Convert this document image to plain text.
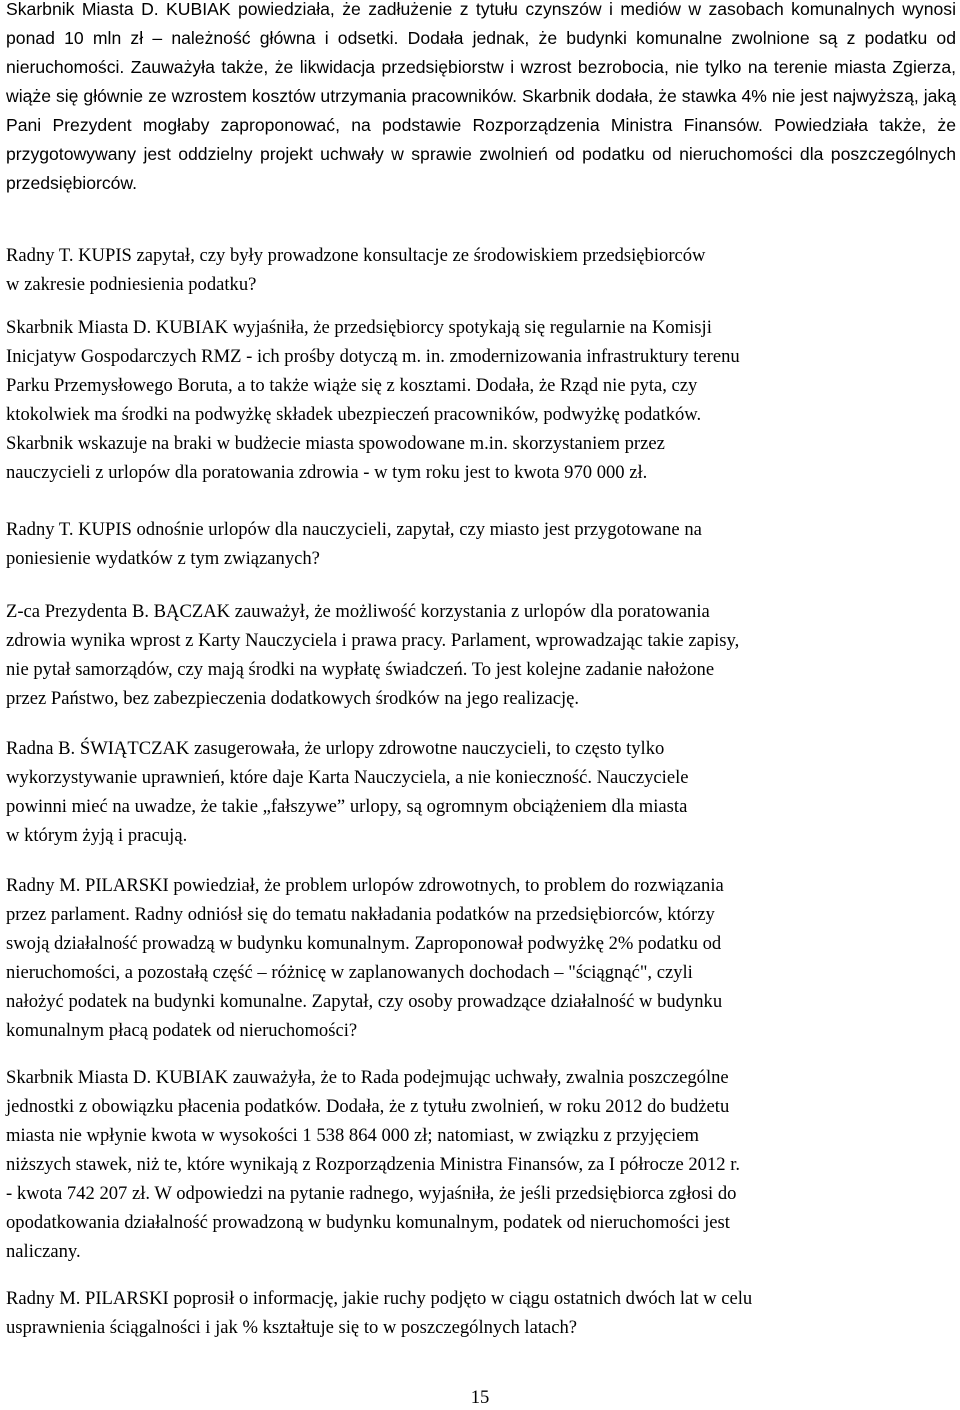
Skarbnik Miasta D. KUBIAK powiedziała, że zadłużenie z tytułu czynszów i mediów w zasobach komunalnych wynosi ponad 10 mln zł – należność główna i odsetki. Dodała jednak, że budynki komunalne zwolnione są z podatku od nieruchomości. Zauważyła także, że likwidacja przedsiębiorstw i wzrost bezrobocia, nie tylko na terenie miasta Zgierza, wiąże się głównie ze wzrostem kosztów utrzymania pracowników. Skarbnik dodała, że stawka 4% nie jest najwyższą, jaką Pani Prezydent mogłaby zaproponować, na podstawie Rozporządzenia Ministra Finansów. Powiedziała także, że przygotowywany jest oddzielny projekt uchwały w sprawie zwolnień od podatku od nieruchomości dla poszczególnych przedsiębiorców.

Radny T. KUPIS zapytał, czy były prowadzone konsultacje ze środowiskiem przedsiębiorców
w zakresie podniesienia podatku?

Skarbnik Miasta D. KUBIAK wyjaśniła, że przedsiębiorcy spotykają się regularnie na Komisji
Inicjatyw Gospodarczych RMZ - ich prośby dotyczą m. in. zmodernizowania infrastruktury terenu
Parku Przemysłowego Boruta, a to także wiąże się z kosztami. Dodała, że Rząd nie pyta, czy
ktokolwiek ma środki na podwyżkę składek ubezpieczeń pracowników, podwyżkę podatków.
Skarbnik wskazuje na braki w budżecie miasta spowodowane m.in. skorzystaniem przez
nauczycieli z urlopów dla poratowania zdrowia - w tym roku jest to kwota 970 000 zł.

Radny T. KUPIS odnośnie urlopów dla nauczycieli, zapytał, czy miasto jest przygotowane na
poniesienie wydatków z tym związanych?

Z-ca Prezydenta B. BĄCZAK zauważył, że możliwość korzystania z urlopów dla poratowania
zdrowia wynika wprost z Karty Nauczyciela i prawa pracy. Parlament, wprowadzając takie zapisy,
nie pytał samorządów, czy mają środki na wypłatę świadczeń. To jest kolejne zadanie nałożone
przez Państwo, bez zabezpieczenia dodatkowych środków na jego realizację.

Radna B. ŚWIĄTCZAK zasugerowała, że urlopy zdrowotne nauczycieli, to często tylko
wykorzystywanie uprawnień, które daje Karta Nauczyciela, a nie konieczność. Nauczyciele
powinni mieć na uwadze, że takie „fałszywe” urlopy, są ogromnym obciążeniem dla miasta
w którym żyją i pracują.

Radny M. PILARSKI powiedział, że problem urlopów zdrowotnych, to problem do rozwiązania
przez parlament. Radny odniósł się do tematu nakładania podatków na przedsiębiorców, którzy
swoją działalność prowadzą w budynku komunalnym. Zaproponował podwyżkę 2% podatku od
nieruchomości, a pozostałą część – różnicę w zaplanowanych dochodach – "ściągnąć", czyli
nałożyć podatek na budynki komunalne. Zapytał, czy osoby prowadzące działalność w budynku
komunalnym płacą podatek od nieruchomości?

Skarbnik Miasta D. KUBIAK zauważyła, że to Rada podejmując uchwały, zwalnia poszczególne
jednostki z obowiązku płacenia podatków. Dodała, że z tytułu zwolnień, w roku 2012 do budżetu
miasta nie wpłynie kwota w wysokości 1 538 864 000 zł; natomiast, w związku z przyjęciem
niższych stawek, niż te, które wynikają z Rozporządzenia Ministra Finansów, za I półrocze 2012 r.
- kwota 742 207 zł. W odpowiedzi na pytanie radnego, wyjaśniła, że jeśli przedsiębiorca zgłosi do
opodatkowania działalność prowadzoną w budynku komunalnym, podatek od nieruchomości jest
naliczany.

Radny M. PILARSKI poprosił o informację, jakie ruchy podjęto w ciągu ostatnich dwóch lat w celu
usprawnienia ściągalności i jak % kształtuje się to w poszczególnych latach?

15
